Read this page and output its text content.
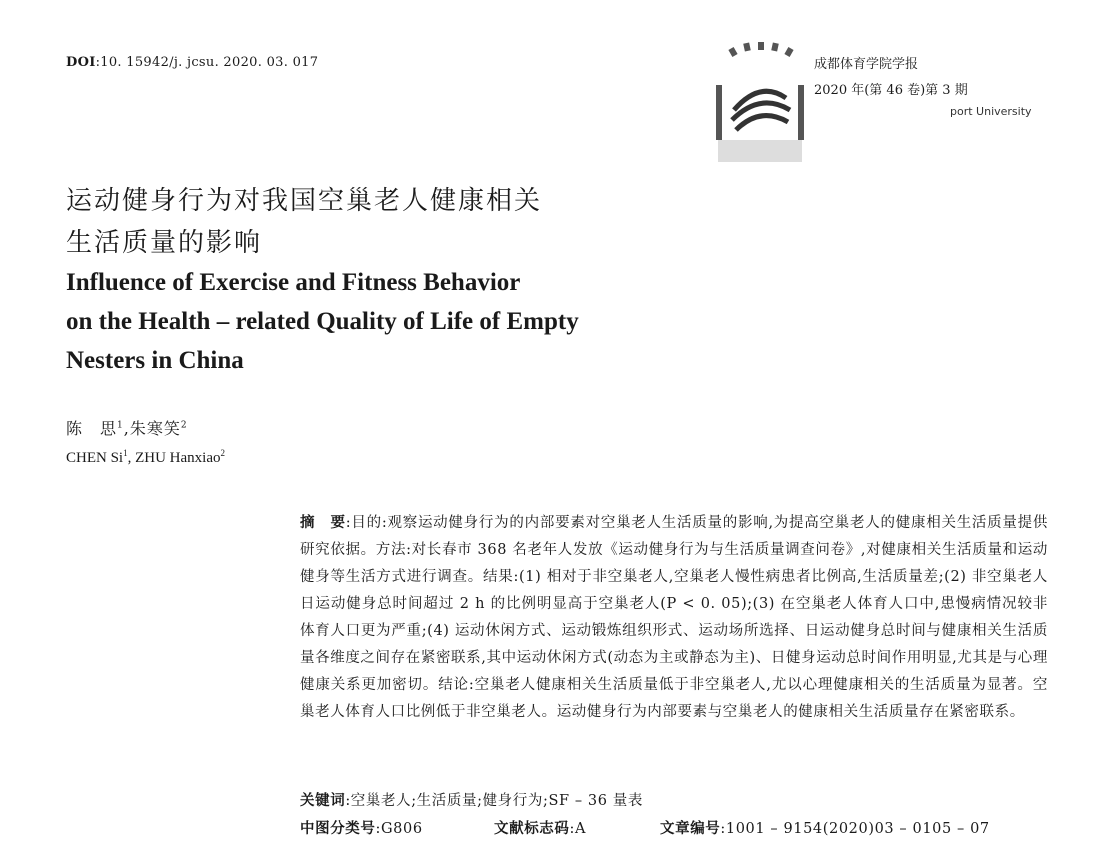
DOI:10. 15942/j. jcsu. 2020. 03. 017	成都体育学院学报
2020 年(第 46 卷)第 3 期
port University
运动健身行为对我国空巢老人健康相关
生活质量的影响
Influence of Exercise and Fitness Behavior
on the Health – related Quality of Life of Empty
Nesters in China
陈　思$^1$,朱寒笑$^2$
CHEN Si$^1$, ZHU Hanxiao$^2$
摘　要:目的:观察运动健身行为的内部要素对空巢老人生活质量的影响,为提高空巢老人的健康相关生活质量提供研究依据。方法:对长春市 368 名老年人发放《运动健身行为与生活质量调查问卷》,对健康相关生活质量和运动健身等生活方式进行调查。结果:(1) 相对于非空巢老人,空巢老人慢性病患者比例高,生活质量差;(2) 非空巢老人日运动健身总时间超过 2 h 的比例明显高于空巢老人(P < 0. 05);(3) 在空巢老人体育人口中,患慢病情况较非体育人口更为严重;(4) 运动休闲方式、运动锻炼组织形式、运动场所选择、日运动健身总时间与健康相关生活质量各维度之间存在紧密联系,其中运动休闲方式(动态为主或静态为主)、日健身运动总时间作用明显,尤其是与心理健康关系更加密切。结论:空巢老人健康相关生活质量低于非空巢老人,尤以心理健康相关的生活质量为显著。空巢老人体育人口比例低于非空巢老人。运动健身行为内部要素与空巢老人的健康相关生活质量存在紧密联系。
关键词:空巢老人;生活质量;健身行为;SF – 36 量表
中图分类号:G806	文献标志码:A	文章编号:1001 – 9154(2020)03 – 0105 – 07
